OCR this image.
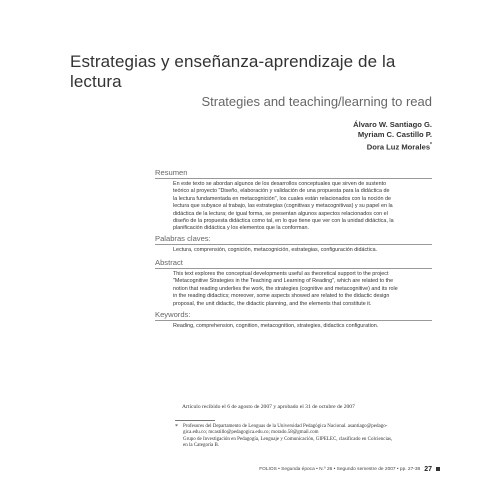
Estrategias y enseñanza-aprendizaje de la lectura
Strategies and teaching/learning to read
Álvaro W. Santiago G.
Myriam C. Castillo P.
Dora Luz Morales*
Resumen
En este texto se abordan algunos de los desarrollos conceptuales que sirven de sustento
teórico al proyecto "Diseño, elaboración y validación de una propuesta para la didáctica de
la lectura fundamentada en metacognición", los cuales están relacionados con la noción de
lectura que subyace al trabajo, las estrategias (cognitivas y metacognitivas) y su papel en la
didáctica de la lectura; de igual forma, se presentan algunos aspectos relacionados con el
diseño de la propuesta didáctica como tal, en lo que tiene que ver con la unidad didáctica, la
planificación didáctica y los elementos que la conforman.
Palabras claves:
Lectura, comprensión, cognición, metacognición, estrategias, configuración didáctica.
Abstract
This text explores the conceptual developments useful as theoretical support to the project
"Metacognitive Strategies in the Teaching and Learning of Reading", which are related to the
notion that reading underlies the work, the strategies (cognitive and metacognitive) and its role
in the reading didactics; moreover, some aspects showed are related to the didactic design
proposal, the unit didactic, the didactic planning, and the elements that constitute it.
Keywords:
Reading, comprehension, cognition, metacognition, strategies, didactics configuration.
Artículo recibido el 6 de agosto de 2007 y aprobado el 31 de octubre de 2007
* Profesores del Departamento de Lenguas de la Universidad Pedagógica Nacional. asantiago@pedago-
gica.edu.co; mcastillo@pedagogica.edu.co; morado.58@gmail.com
Grupo de Investigación en Pedagogía, Lenguaje y Comunicación, GIPELEC, clasificado en Colciencias,
en la Categoría B.
FOLIOS • Segunda época • N.º 26 • Segundo semestre de 2007 • pp. 27-38 27
